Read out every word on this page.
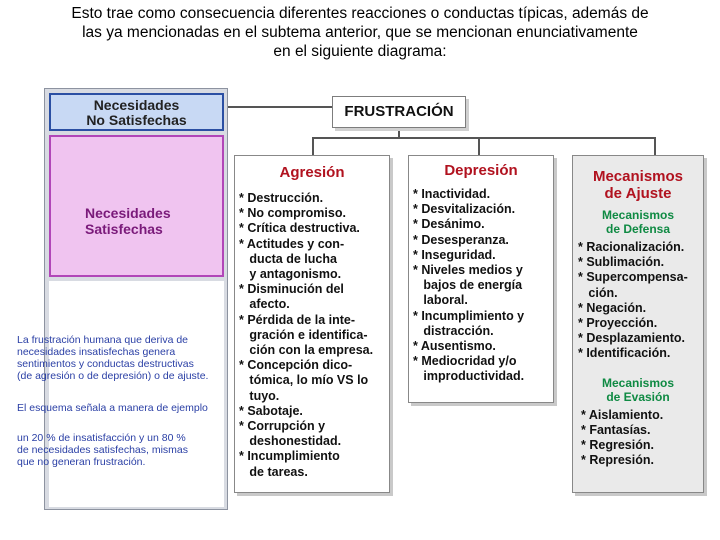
Esto trae como consecuencia diferentes reacciones o conductas típicas, además de
las ya mencionadas en el subtema anterior, que se mencionan enunciativamente
en el siguiente diagrama:
Necesidades
No Satisfechas
Necesidades
Satisfechas
La frustración humana que deriva de
necesidades insatisfechas genera
sentimientos y conductas destructivas
(de agresión o de depresión) o de ajuste.
El esquema señala a manera de ejemplo
un 20 % de insatisfacción y un 80 %
de necesidades satisfechas, mismas
que no generan frustración.
FRUSTRACIÓN
Agresión
* Destrucción.
* No compromiso.
* Crítica destructiva.
* Actitudes y con-
ducta de lucha
y antagonismo.
* Disminución del
afecto.
* Pérdida de la inte-
gración e identifica-
ción con la empresa.
* Concepción dico-
tómica, lo mío VS lo
tuyo.
* Sabotaje.
* Corrupción y
deshonestidad.
* Incumplimiento
de tareas.
Depresión
* Inactividad.
* Desvitalización.
* Desánimo.
* Desesperanza.
* Inseguridad.
* Niveles medios y
bajos de energía
laboral.
* Incumplimiento y
distracción.
* Ausentismo.
* Mediocridad y/o
improductividad.
Mecanismos
de Ajuste
Mecanismos
de Defensa
* Racionalización.
* Sublimación.
* Supercompensa-
ción.
* Negación.
* Proyección.
* Desplazamiento.
* Identificación.
Mecanismos
de Evasión
* Aislamiento.
* Fantasías.
* Regresión.
* Represión.
